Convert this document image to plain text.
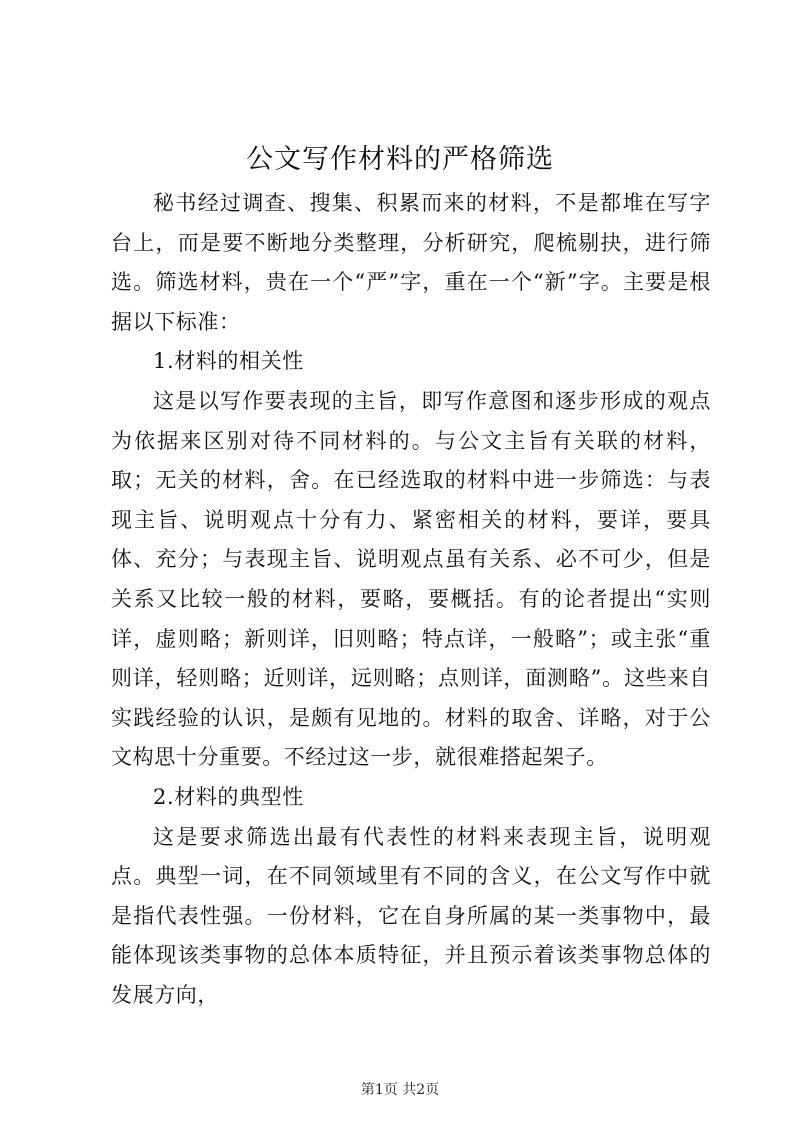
公文写作材料的严格筛选

秘书经过调查、搜集、积累而来的材料，不是都堆在写字台上，而是要不断地分类整理，分析研究，爬梳剔抉，进行筛选。筛选材料，贵在一个“严”字，重在一个“新”字。主要是根据以下标准：

1.材料的相关性

这是以写作要表现的主旨，即写作意图和逐步形成的观点为依据来区别对待不同材料的。与公文主旨有关联的材料，取；无关的材料，舍。在已经选取的材料中进一步筛选：与表现主旨、说明观点十分有力、紧密相关的材料，要详，要具体、充分；与表现主旨、说明观点虽有关系、必不可少，但是关系又比较一般的材料，要略，要概括。有的论者提出“实则详，虚则略；新则详，旧则略；特点详，一般略”；或主张“重则详，轻则略；近则详，远则略；点则详，面测略”。这些来自实践经验的认识，是颇有见地的。材料的取舍、详略，对于公文构思十分重要。不经过这一步，就很难搭起架子。

2.材料的典型性

这是要求筛选出最有代表性的材料来表现主旨，说明观点。典型一词，在不同领域里有不同的含义，在公文写作中就是指代表性强。一份材料，它在自身所属的某一类事物中，最能体现该类事物的总体本质特征，并且预示着该类事物总体的发展方向，

第1页 共2页
